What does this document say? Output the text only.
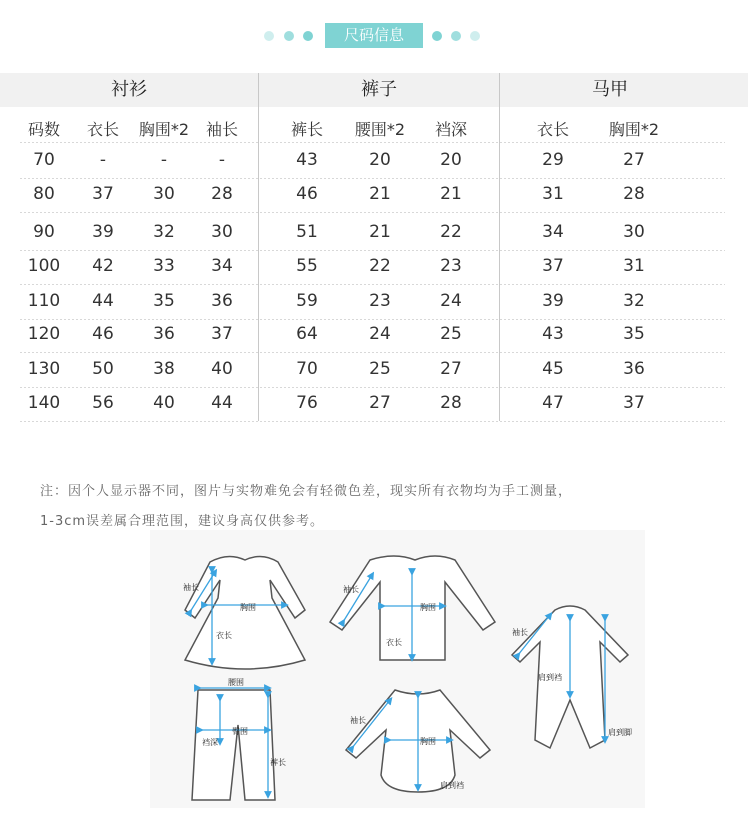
尺码信息
衬衫	裤子	马甲
码数	衣长	胸围*2	袖长	裤长	腰围*2	裆深	衣长	胸围*2
70	-	-	-	43	20	20	29	27
80	37	30	28	46	21	21	31	28
90	39	32	30	51	21	22	34	30
100	42	33	34	55	22	23	37	31
110	44	35	36	59	23	24	39	32
120	46	36	37	64	24	25	43	35
130	50	38	40	70	25	27	45	36
140	56	40	44	76	27	28	47	37
注：因个人显示器不同，图片与实物难免会有轻微色差，现实所有衣物均为手工测量，
1-3cm误差属合理范围，建议身高仅供参考。
袖长
胸围
衣长
袖长
胸围
衣长
腰围
臀围
裆深
裤长
袖长
胸围
肩到裆
袖长
肩到裆
肩到脚
